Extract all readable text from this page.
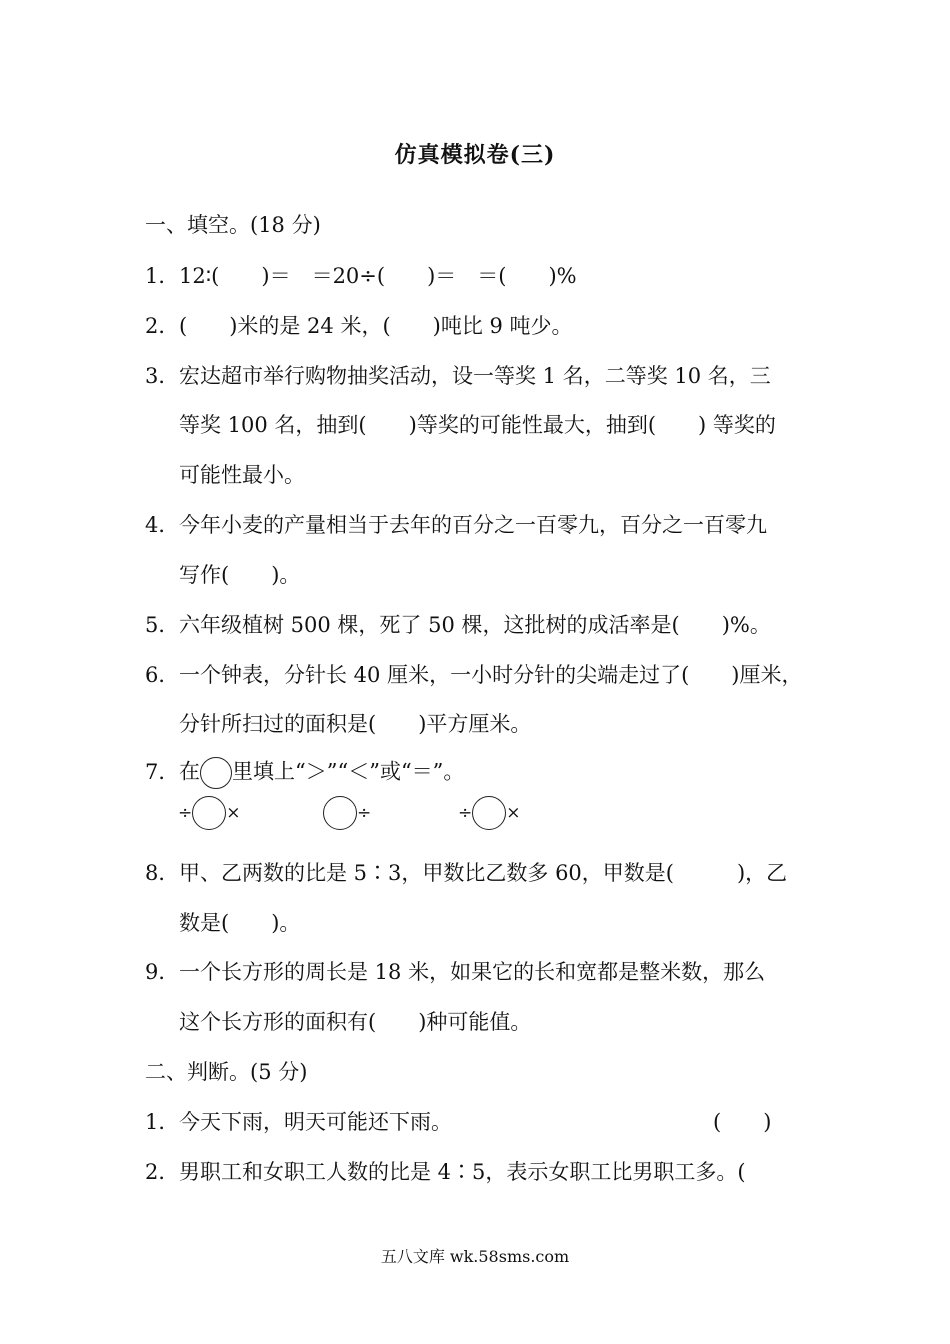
仿真模拟卷(三)
一、填空。(18 分)
1．12∶(　　)＝　＝20÷(　　)＝　＝(　　)%
2．(　　)米的是 24 米，(　　)吨比 9 吨少。
3．宏达超市举行购物抽奖活动，设一等奖 1 名，二等奖 10 名，三
等奖 100 名，抽到(　　)等奖的可能性最大，抽到(　　) 等奖的
可能性最小。
4．今年小麦的产量相当于去年的百分之一百零九，百分之一百零九
写作(　　)。
5．六年级植树 500 棵，死了 50 棵，这批树的成活率是(　　)%。
6．一个钟表，分针长 40 厘米，一小时分针的尖端走过了(　　)厘米，
分针所扫过的面积是(　　)平方厘米。
7．在 里填上“＞”“＜”或“＝”。
÷ ×	÷	÷ ×
8．甲、乙两数的比是 5∶3，甲数比乙数多 60，甲数是(　　　)，乙
数是(　　)。
9．一个长方形的周长是 18 米，如果它的长和宽都是整米数，那么
这个长方形的面积有(　　)种可能值。
二、判断。(5 分)
1．今天下雨，明天可能还下雨。	(　　)
2．男职工和女职工人数的比是 4∶5，表示女职工比男职工多。(
五八文库 wk.58sms.com
